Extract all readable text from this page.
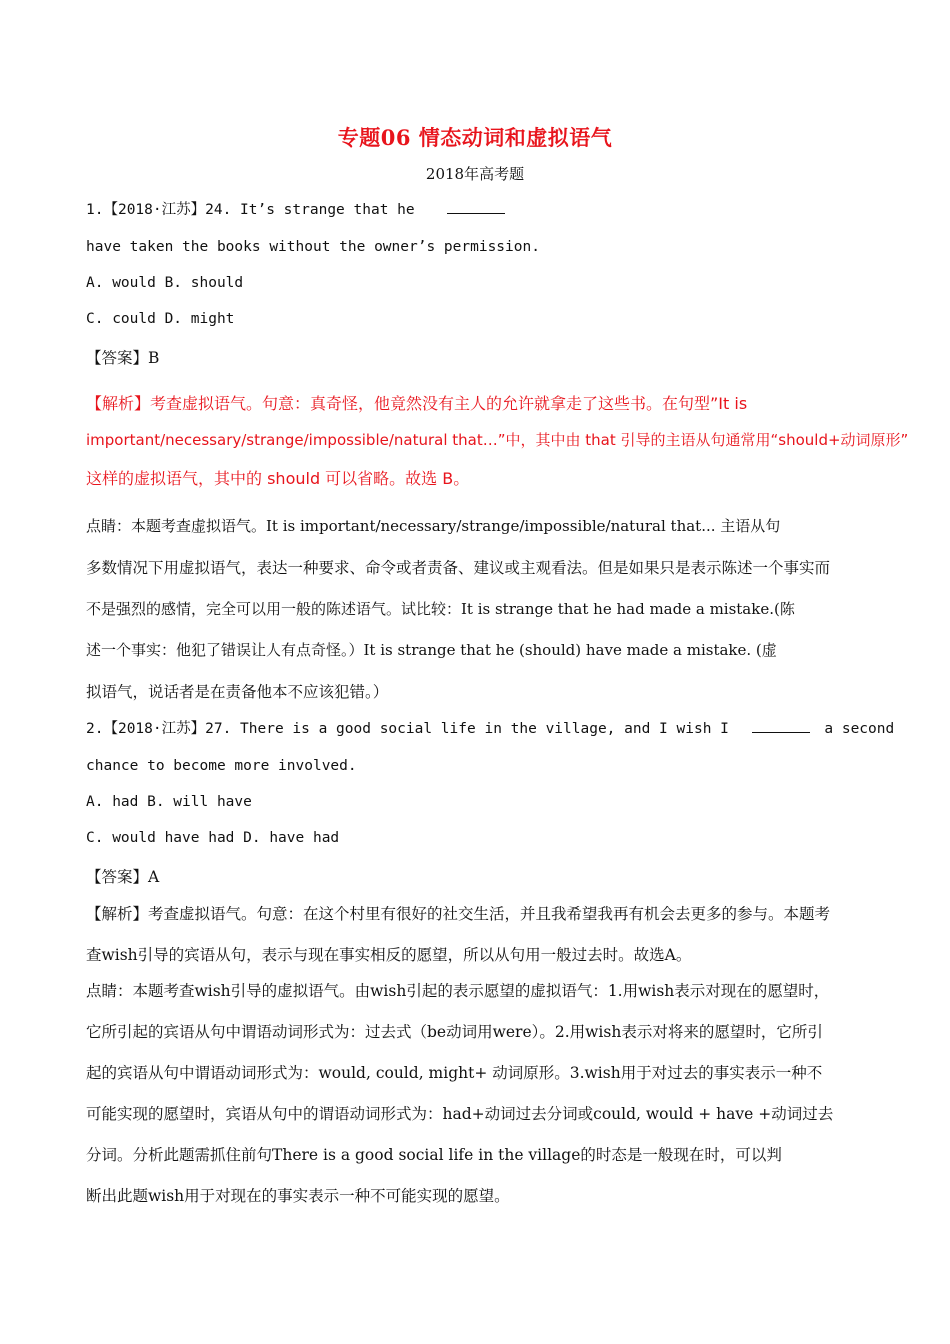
专题06 情态动词和虚拟语气
2018年高考题
1.【2018·江苏】24. It’s strange that he
have taken the books without the owner’s permission.
A. would B. should
C. could D. might
【答案】B
【解析】考查虚拟语气。句意：真奇怪，他竟然没有主人的允许就拿走了这些书。在句型”It is
important/necessary/strange/impossible/natural that…”中，其中由 that 引导的主语从句通常用“should+动词原形”
这样的虚拟语气，其中的 should 可以省略。故选 B。
点睛：本题考查虚拟语气。It is important/necessary/strange/impossible/natural that... 主语从句
多数情况下用虚拟语气，表达一种要求、命令或者责备、建议或主观看法。但是如果只是表示陈述一个事实而
不是强烈的感情，完全可以用一般的陈述语气。试比较：It is strange that he had made a mistake.(陈
述一个事实：他犯了错误让人有点奇怪。）It is strange that he (should) have made a mistake. (虚
拟语气，说话者是在责备他本不应该犯错。）
2.【2018·江苏】27. There is a good social life in the village, and I wish I	a second
chance to become more involved.
A. had B. will have
C. would have had D. have had
【答案】A
【解析】考查虚拟语气。句意：在这个村里有很好的社交生活，并且我希望我再有机会去更多的参与。本题考
查wish引导的宾语从句，表示与现在事实相反的愿望，所以从句用一般过去时。故选A。
点睛：本题考查wish引导的虚拟语气。由wish引起的表示愿望的虚拟语气：1.用wish表示对现在的愿望时，
它所引起的宾语从句中谓语动词形式为：过去式（be动词用were）。2.用wish表示对将来的愿望时，它所引
起的宾语从句中谓语动词形式为：would, could, might+ 动词原形。3.wish用于对过去的事实表示一种不
可能实现的愿望时，宾语从句中的谓语动词形式为：had+动词过去分词或could, would + have +动词过去
分词。分析此题需抓住前句There is a good social life in the village的时态是一般现在时，可以判
断出此题wish用于对现在的事实表示一种不可能实现的愿望。
